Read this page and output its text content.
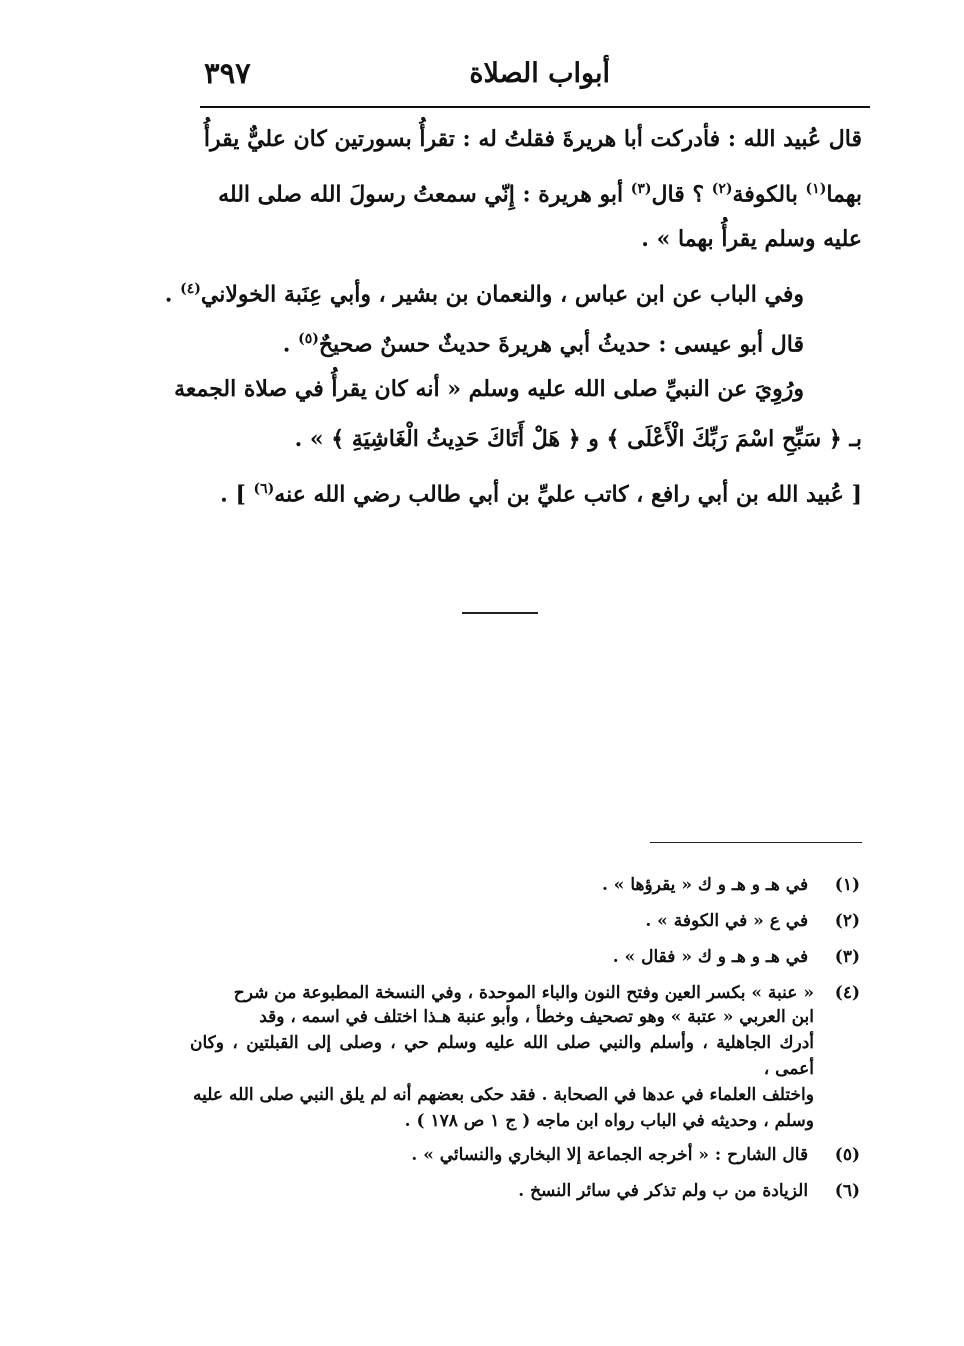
أبواب الصلاة
٣٩٧
قال عُبيد الله : فأدركت أبا هريرةَ فقلتُ له : تقرأُ بسورتين كان عليٌّ يقرأُ
بهما$^{(١)}$ بالكوفة$^{(٢)}$ ؟ قال$^{(٣)}$ أبو هريرة : إِنّي سمعتُ رسولَ الله صلى الله
عليه وسلم يقرأُ بهما » .
وفي الباب عن ابن عباس ، والنعمان بن بشير ، وأبي عِنَبة الخولاني$^{(٤)}$ .
قال أبو عيسى : حديثُ أبي هريرةَ حديثٌ حسنٌ صحيحٌ$^{(٥)}$ .
ورُوِيَ عن النبيِّ صلى الله عليه وسلم « أنه كان يقرأُ في صلاة الجمعة
بـ ﴿ سَبِّحِ اسْمَ رَبِّكَ الْأَعْلَى ﴾ و ﴿ هَلْ أَتَاكَ حَدِيثُ الْغَاشِيَةِ ﴾ » .
[ عُبيد الله بن أبي رافع ، كاتب عليِّ بن أبي طالب رضي الله عنه$^{(٦)}$ ] .
(١) في هـ و هـ و ك « يقرؤها » .
(٢) في ع « في الكوفة » .
(٣) في هـ و هـ و ك « فقال » .
(٤)« عنبة » بكسر العين وفتح النون والباء الموحدة ، وفي النسخة المطبوعة من شرح
ابن العربي « عتبة » وهو تصحيف وخطأ ، وأبو عنبة هـذا اختلف في اسمه ، وقد
أدرك الجاهلية ، وأسلم والنبي صلى الله عليه وسلم حي ، وصلى إلى القبلتين ، وكان أعمى ،
واختلف العلماء في عدها في الصحابة . فقد حكى بعضهم أنه لم يلق النبي صلى الله عليه
وسلم ، وحديثه في الباب رواه ابن ماجه ( ج ١ ص ١٧٨ ) .
(٥) قال الشارح : « أخرجه الجماعة إلا البخاري والنسائي » .
(٦) الزيادة من ب ولم تذكر في سائر النسخ .
